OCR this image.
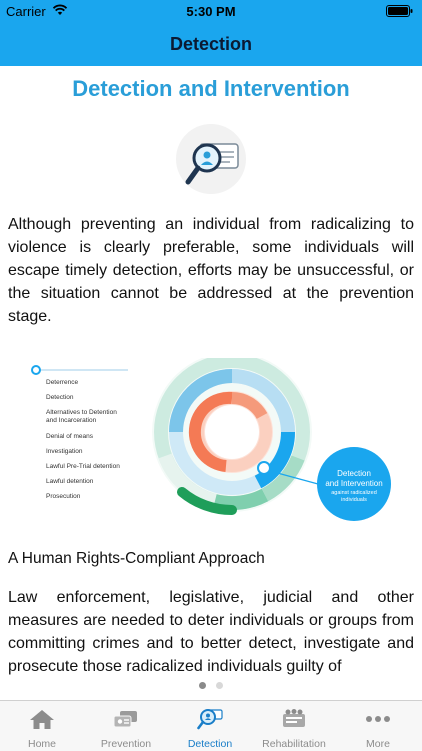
Carrier	5:30 PM
Detection
Detection and Intervention

Although preventing an individual from radicalizing to violence is clearly preferable, some individuals will escape timely detection, efforts may be unsuccessful, or the situation cannot be addressed at the prevention stage.

Deterrence
Detection
Alternatives to Detention
and Incarceration
Denial of means
Investigation
Lawful Pre-Trial detention
Lawful detention
Prosecution
Detection
and Intervention
against radicalized
individuals

A Human Rights-Compliant Approach

Law enforcement, legislative, judicial and other measures are needed to deter individuals or groups from committing crimes and to better detect, investigate and prosecute those radicalized individuals guilty of

Home	Prevention	Detection	Rehabilitation	More
